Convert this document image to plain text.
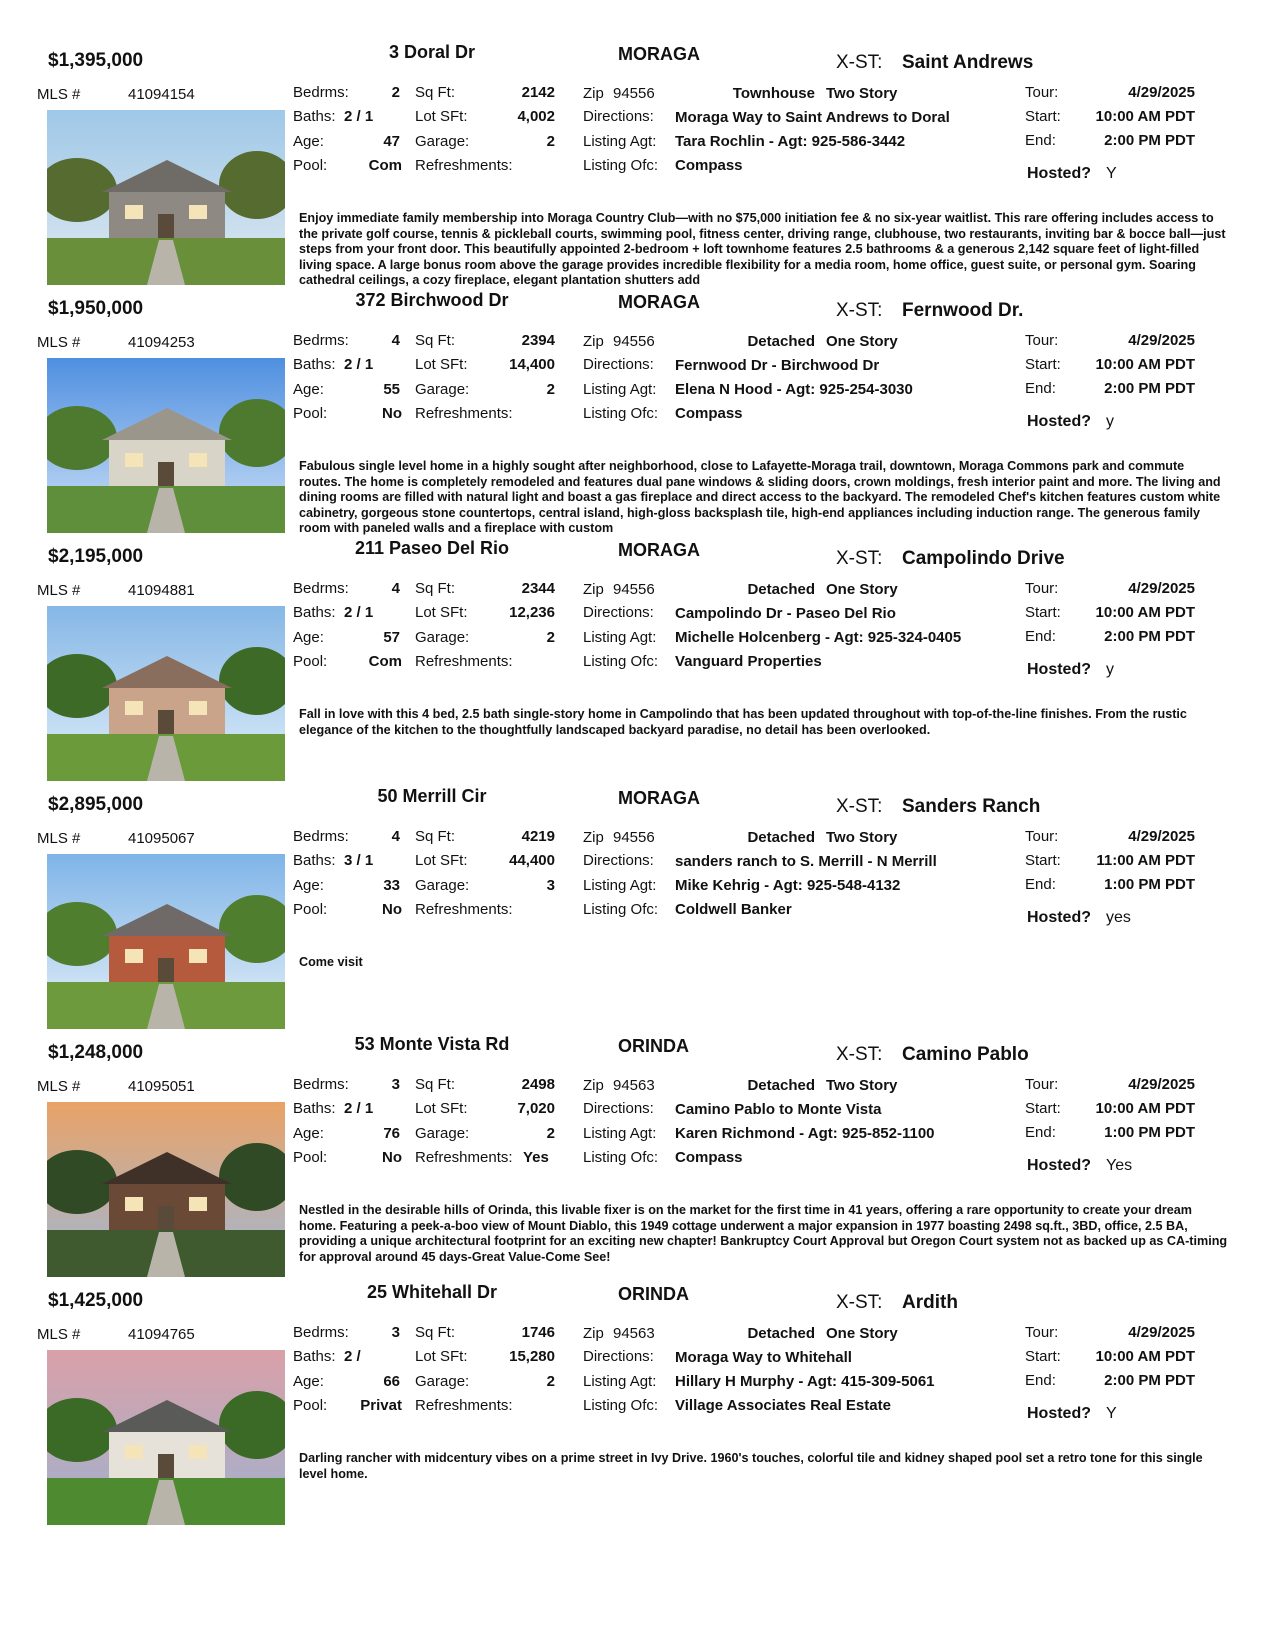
$1,395,000	3 Doral Dr	MORAGA	X-ST: Saint Andrews
MLS #	41094154	Bedrms:	2
Baths: 2 / 1
Age:	47
Pool:	Com
Sq Ft:	2142
Lot SFt:	4,002
Garage:	2
Refreshments:
Zip 94556	Townhouse Two Story
Directions: Moraga Way to Saint Andrews to Doral
Listing Agt: Tara Rochlin - Agt: 925-586-3442
Listing Ofc: Compass
Tour:	4/29/2025
Start:	10:00 AM PDT
End:	2:00 PM PDT
Hosted? Y
Enjoy immediate family membership into Moraga Country Club—with no $75,000 initiation fee & no six-year waitlist. This rare offering includes access to the private golf course, tennis & pickleball courts, swimming pool, fitness center, driving range, clubhouse, two restaurants, inviting bar & bocce ball—just steps from your front door. This beautifully appointed 2-bedroom + loft townhome features 2.5 bathrooms & a generous 2,142 square feet of light-filled living space. A large bonus room above the garage provides incredible flexibility for a media room, home office, guest suite, or personal gym. Soaring cathedral ceilings, a cozy fireplace, elegant plantation shutters add
$1,950,000	372 Birchwood Dr	MORAGA	X-ST: Fernwood Dr.
MLS #	41094253	Bedrms:	4
Baths: 2 / 1
Age:	55
Pool:	No
Sq Ft:	2394
Lot SFt:	14,400
Garage:	2
Refreshments:
Zip 94556	Detached One Story
Directions: Fernwood Dr - Birchwood Dr
Listing Agt: Elena N Hood - Agt: 925-254-3030
Listing Ofc: Compass
Tour:	4/29/2025
Start:	10:00 AM PDT
End:	2:00 PM PDT
Hosted? y
Fabulous single level home in a highly sought after neighborhood, close to Lafayette-Moraga trail, downtown, Moraga Commons park and commute routes. The home is completely remodeled and features dual pane windows & sliding doors, crown moldings, fresh interior paint and more. The living and dining rooms are filled with natural light and boast a gas fireplace and direct access to the backyard. The remodeled Chef's kitchen features custom white cabinetry, gorgeous stone countertops, central island, high-gloss backsplash tile, high-end appliances including induction range. The generous family room with paneled walls and a fireplace with custom
$2,195,000	211 Paseo Del Rio	MORAGA	X-ST: Campolindo Drive
MLS #	41094881	Bedrms:	4
Baths: 2 / 1
Age:	57
Pool:	Com
Sq Ft:	2344
Lot SFt:	12,236
Garage:	2
Refreshments:
Zip 94556	Detached One Story
Directions: Campolindo Dr - Paseo Del Rio
Listing Agt: Michelle Holcenberg - Agt: 925-324-0405
Listing Ofc: Vanguard Properties
Tour:	4/29/2025
Start:	10:00 AM PDT
End:	2:00 PM PDT
Hosted? y
Fall in love with this 4 bed, 2.5 bath single-story home in Campolindo that has been updated throughout with top-of-the-line finishes. From the rustic elegance of the kitchen to the thoughtfully landscaped backyard paradise, no detail has been overlooked.
$2,895,000	50 Merrill Cir	MORAGA	X-ST: Sanders Ranch
MLS #	41095067	Bedrms:	4
Baths: 3 / 1
Age:	33
Pool:	No
Sq Ft:	4219
Lot SFt:	44,400
Garage:	3
Refreshments:
Zip 94556	Detached Two Story
Directions: sanders ranch to S. Merrill - N Merrill
Listing Agt: Mike Kehrig - Agt: 925-548-4132
Listing Ofc: Coldwell Banker
Tour:	4/29/2025
Start:	11:00 AM PDT
End:	1:00 PM PDT
Hosted? yes
Come visit
$1,248,000	53 Monte Vista Rd	ORINDA	X-ST: Camino Pablo
MLS #	41095051	Bedrms:	3
Baths: 2 / 1
Age:	76
Pool:	No
Sq Ft:	2498
Lot SFt:	7,020
Garage:	2
Refreshments: Yes
Zip 94563	Detached Two Story
Directions: Camino Pablo to Monte Vista
Listing Agt: Karen Richmond - Agt: 925-852-1100
Listing Ofc: Compass
Tour:	4/29/2025
Start:	10:00 AM PDT
End:	1:00 PM PDT
Hosted? Yes
Nestled in the desirable hills of Orinda, this livable fixer is on the market for the first time in 41 years, offering a rare opportunity to create your dream home. Featuring a peek-a-boo view of Mount Diablo, this 1949 cottage underwent a major expansion in 1977 boasting 2498 sq.ft., 3BD, office, 2.5 BA, providing a unique architectural footprint for an exciting new chapter! Bankruptcy Court Approval but Oregon Court system not as backed up as CA-timing for approval around 45 days-Great Value-Come See!
$1,425,000	25 Whitehall Dr	ORINDA	X-ST: Ardith
MLS #	41094765	Bedrms:	3
Baths: 2 /
Age:	66
Pool:	Privat
Sq Ft:	1746
Lot SFt:	15,280
Garage:	2
Refreshments:
Zip 94563	Detached One Story
Directions: Moraga Way to Whitehall
Listing Agt: Hillary H Murphy - Agt: 415-309-5061
Listing Ofc: Village Associates Real Estate
Tour:	4/29/2025
Start:	10:00 AM PDT
End:	2:00 PM PDT
Hosted? Y
Darling rancher with midcentury vibes on a prime street in Ivy Drive. 1960's touches, colorful tile and kidney shaped pool set a retro tone for this single level home.
